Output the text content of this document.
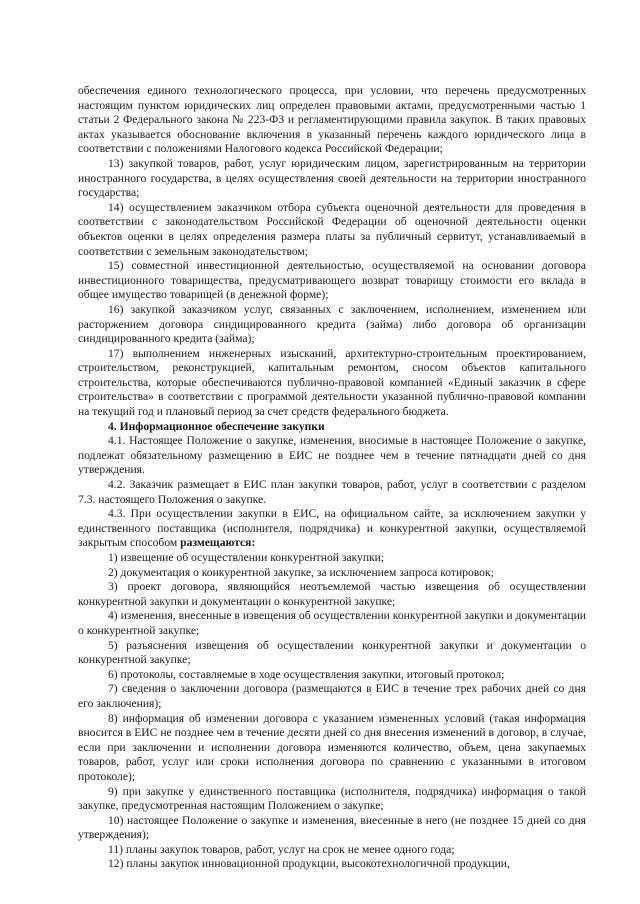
обеспечения единого технологического процесса, при условии, что перечень предусмотренных настоящим пунктом юридических лиц определен правовыми актами, предусмотренными частью 1 статьи 2 Федерального закона № 223-ФЗ и регламентирующими правила закупок. В таких правовых актах указывается обоснование включения в указанный перечень каждого юридического лица в соответствии с положениями Налогового кодекса Российской Федерации;

13) закупкой товаров, работ, услуг юридическим лицом, зарегистрированным на территории иностранного государства, в целях осуществления своей деятельности на территории иностранного государства;

14) осуществлением заказчиком отбора субъекта оценочной деятельности для проведения в соответствии с законодательством Российской Федерации об оценочной деятельности оценки объектов оценки в целях определения размера платы за публичный сервитут, устанавливаемый в соответствии с земельным законодательством;

15) совместной инвестиционной деятельностью, осуществляемой на основании договора инвестиционного товарищества, предусматривающего возврат товарищу стоимости его вклада в общее имущество товарищей (в денежной форме);

16) закупкой заказчиком услуг, связанных с заключением, исполнением, изменением или расторжением договора синдицированного кредита (займа) либо договора об организации синдицированного кредита (займа);

17) выполнением инженерных изысканий, архитектурно-строительным проектированием, строительством, реконструкцией, капитальным ремонтом, сносом объектов капитального строительства, которые обеспечиваются публично-правовой компанией «Единый заказчик в сфере строительства» в соответствии с программой деятельности указанной публично-правовой компании на текущий год и плановый период за счет средств федерального бюджета.

4. Информационное обеспечение закупки

4.1. Настоящее Положение о закупке, изменения, вносимые в настоящее Положение о закупке, подлежат обязательному размещению в ЕИС не позднее чем в течение пятнадцати дней со дня утверждения.

4.2. Заказчик размещает в ЕИС план закупки товаров, работ, услуг в соответствии с разделом 7.3. настоящего Положения о закупке.

4.3. При осуществлении закупки в ЕИС, на официальном сайте, за исключением закупки у единственного поставщика (исполнителя, подрядчика) и конкурентной закупки, осуществляемой закрытым способом размещаются:

1) извещение об осуществлении конкурентной закупки;

2) документация о конкурентной закупке, за исключением запроса котировок;

3) проект договора, являющийся неотъемлемой частью извещения об осуществлении конкурентной закупки и документации о конкурентной закупке;

4) изменения, внесенные в извещения об осуществлении конкурентной закупки и документации о конкурентной закупке;

5) разъяснения извещения об осуществлении конкурентной закупки и документации о конкурентной закупке;

6) протоколы, составляемые в ходе осуществления закупки, итоговый протокол;

7) сведения о заключении договора (размещаются в ЕИС в течение трех рабочих дней со дня его заключения);

8) информация об изменении договора с указанием измененных условий (такая информация вносится в ЕИС не позднее чем в течение десяти дней со дня внесения изменений в договор, в случае, если при заключении и исполнении договора изменяются количество, объем, цена закупаемых товаров, работ, услуг или сроки исполнения договора по сравнению с указанными в итоговом протоколе);

9) при закупке у единственного поставщика (исполнителя, подрядчика) информация о такой закупке, предусмотренная настоящим Положением о закупке;

10) настоящее Положение о закупке и изменения, внесенные в него (не позднее 15 дней со дня утверждения);

11) планы закупок товаров, работ, услуг на срок не менее одного года;

12) планы закупок инновационной продукции, высокотехнологичной продукции,
